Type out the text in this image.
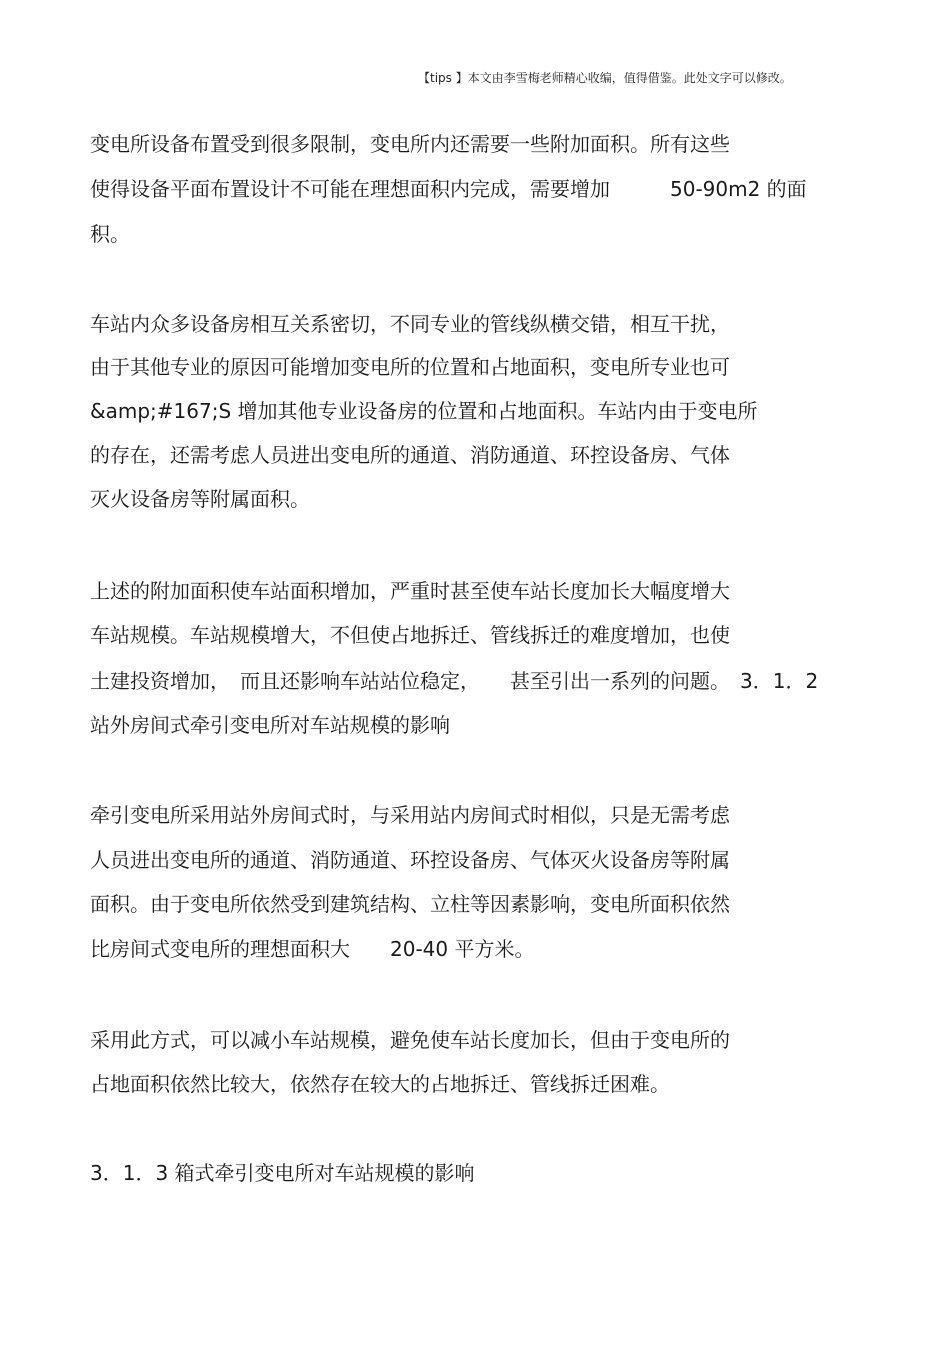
【tips 】本文由李雪梅老师精心收编，值得借鉴。此处文字可以修改。
变电所设备布置受到很多限制，变电所内还需要一些附加面积。所有这些
使得设备平面布置设计不可能在理想面积内完成，需要增加　　　50-90m2 的面
积。
车站内众多设备房相互关系密切，不同专业的管线纵横交错，相互干扰，
由于其他专业的原因可能增加变电所的位置和占地面积，变电所专业也可
&amp;#167;S 增加其他专业设备房的位置和占地面积。车站内由于变电所
的存在，还需考虑人员进出变电所的通道、消防通道、环控设备房、气体
灭火设备房等附属面积。
上述的附加面积使车站面积增加，严重时甚至使车站长度加长大幅度增大
车站规模。车站规模增大，不但使占地拆迁、管线拆迁的难度增加，也使
土建投资增加，　而且还影响车站站位稳定，　　甚至引出一系列的问题。　3．1．2
站外房间式牵引变电所对车站规模的影响
牵引变电所采用站外房间式时，与采用站内房间式时相似，只是无需考虑
人员进出变电所的通道、消防通道、环控设备房、气体灭火设备房等附属
面积。由于变电所依然受到建筑结构、立柱等因素影响，变电所面积依然
比房间式变电所的理想面积大　　20-40 平方米。
采用此方式，可以减小车站规模，避免使车站长度加长，但由于变电所的
占地面积依然比较大，依然存在较大的占地拆迁、管线拆迁困难。
3．1．3 箱式牵引变电所对车站规模的影响
